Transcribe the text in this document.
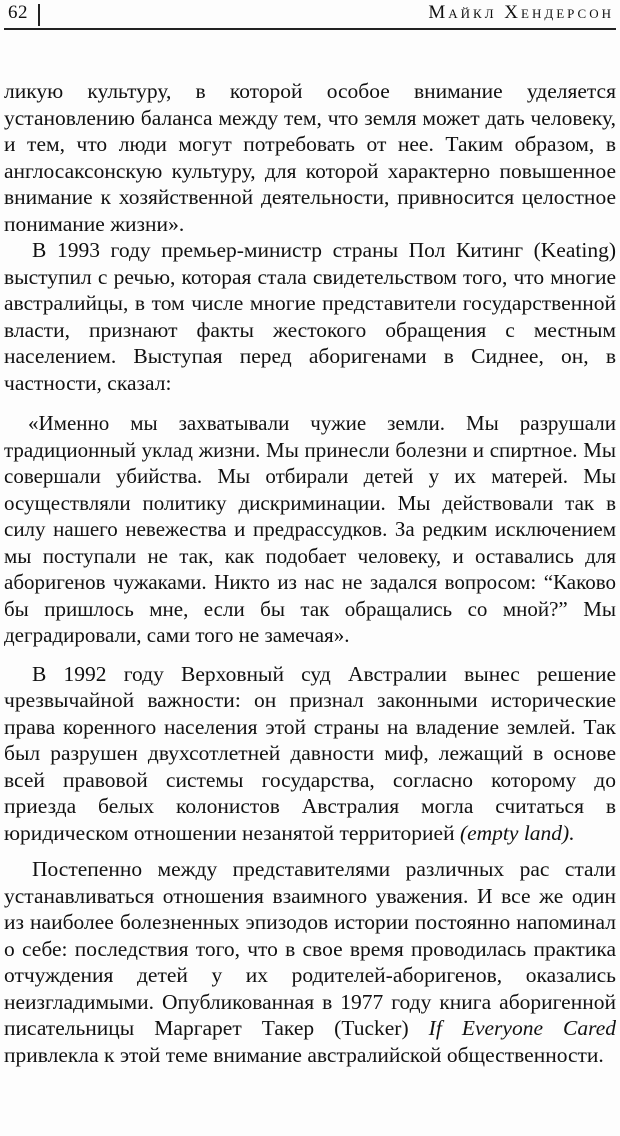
62	Майкл Хендерсон

ликую культуру, в которой особое внимание уделяется установлению баланса между тем, что земля может дать человеку, и тем, что люди могут потребовать от нее. Таким образом, в англосаксонскую культуру, для которой характерно повышенное внимание к хозяйственной деятельности, привносится целостное понимание жизни».

В 1993 году премьер-министр страны Пол Китинг (Keating) выступил с речью, которая стала свидетельством того, что многие австралийцы, в том числе многие представители государственной власти, признают факты жестокого обращения с местным населением. Выступая перед аборигенами в Сиднее, он, в частности, сказал:

«Именно мы захватывали чужие земли. Мы разрушали традиционный уклад жизни. Мы принесли болезни и спиртное. Мы совершали убийства. Мы отбирали детей у их матерей. Мы осуществляли политику дискриминации. Мы действовали так в силу нашего невежества и предрассудков. За редким исключением мы поступали не так, как подобает человеку, и оставались для аборигенов чужаками. Никто из нас не задался вопросом: “Каково бы пришлось мне, если бы так обращались со мной?” Мы деградировали, сами того не замечая».

В 1992 году Верховный суд Австралии вынес решение чрезвычайной важности: он признал законными исторические права коренного населения этой страны на владение землей. Так был разрушен двухсотлетней давности миф, лежащий в основе всей правовой системы государства, согласно которому до приезда белых колонистов Австралия могла считаться в юридическом отношении незанятой территорией (empty land).

Постепенно между представителями различных рас стали устанавливаться отношения взаимного уважения. И все же один из наиболее болезненных эпизодов истории постоянно напоминал о себе: последствия того, что в свое время проводилась практика отчуждения детей у их родителей-аборигенов, оказались неизгладимыми. Опубликованная в 1977 году книга аборигенной писательницы Маргарет Такер (Tucker) If Everyone Cared привлекла к этой теме внимание австралийской общественности.
